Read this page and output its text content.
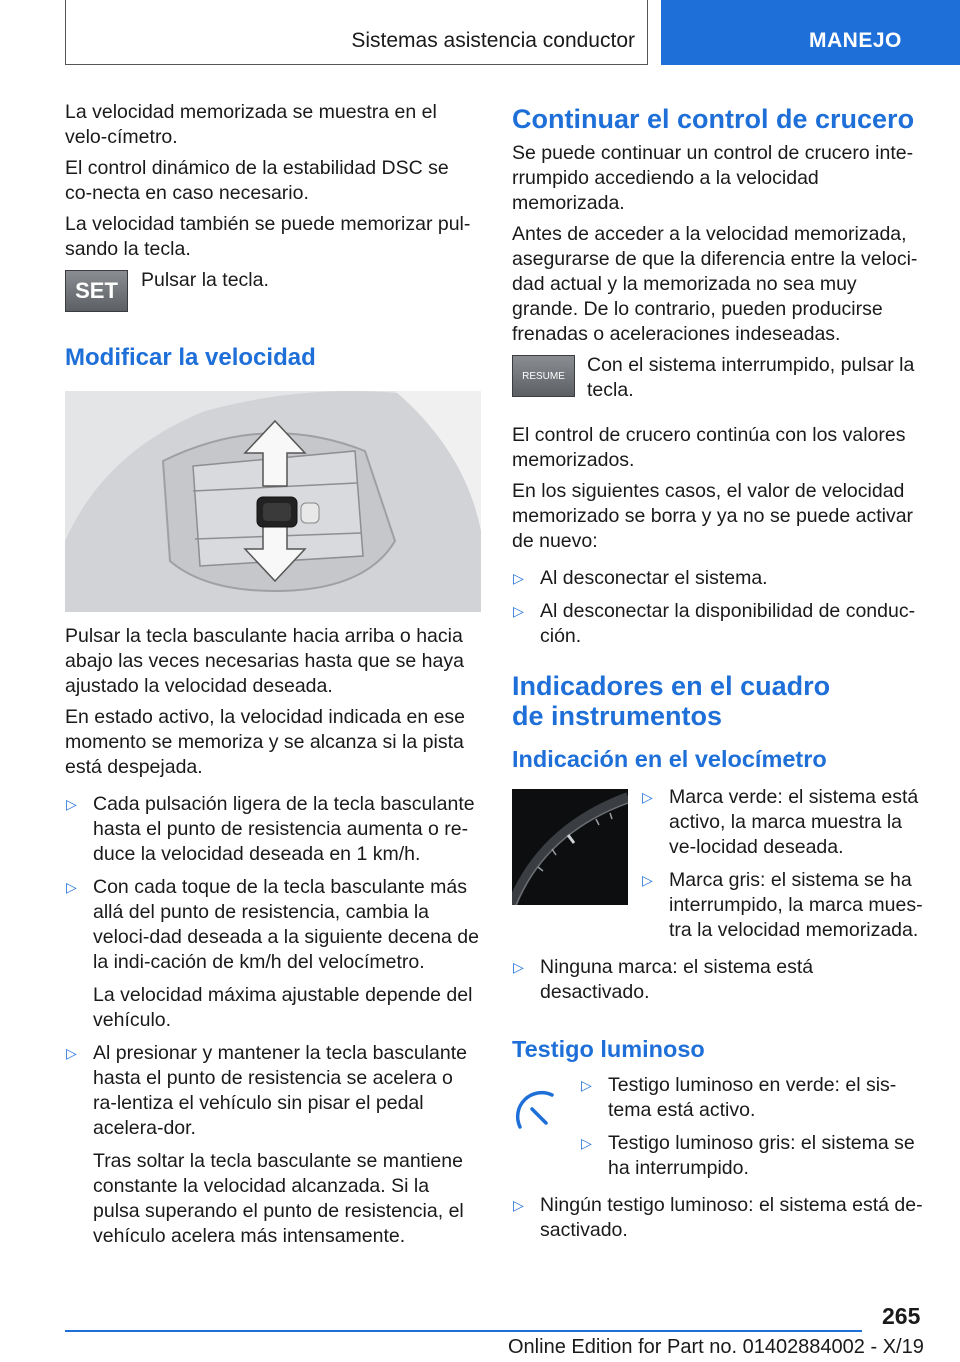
Sistemas asistencia conductor	MANEJO

La velocidad memorizada se muestra en el velo-címetro.

El control dinámico de la estabilidad DSC se co-necta en caso necesario.

La velocidad también se puede memorizar pul-sando la tecla.

SET Pulsar la tecla.

Modificar la velocidad

Pulsar la tecla basculante hacia arriba o hacia abajo las veces necesarias hasta que se haya ajustado la velocidad deseada.

En estado activo, la velocidad indicada en ese momento se memoriza y se alcanza si la pista está despejada.

▷ Cada pulsación ligera de la tecla basculante hasta el punto de resistencia aumenta o re-duce la velocidad deseada en 1 km/h.
▷ Con cada toque de la tecla basculante más allá del punto de resistencia, cambia la veloci-dad deseada a la siguiente decena de la indi-cación de km/h del velocímetro.
La velocidad máxima ajustable depende del vehículo.
▷ Al presionar y mantener la tecla basculante hasta el punto de resistencia se acelera o ra-lentiza el vehículo sin pisar el pedal acelera-dor.
Tras soltar la tecla basculante se mantiene constante la velocidad alcanzada. Si la pulsa superando el punto de resistencia, el vehículo acelera más intensamente.
Continuar el control de crucero

Se puede continuar un control de crucero inte-rrumpido accediendo a la velocidad memorizada.

Antes de acceder a la velocidad memorizada, asegurarse de que la diferencia entre la veloci-dad actual y la memorizada no sea muy grande. De lo contrario, pueden producirse frenadas o aceleraciones indeseadas.

RESUME Con el sistema interrumpido, pulsar la tecla.

El control de crucero continúa con los valores memorizados.

En los siguientes casos, el valor de velocidad memorizado se borra y ya no se puede activar de nuevo:

▷ Al desconectar el sistema.
▷ Al desconectar la disponibilidad de conduc-ción.
Indicadores en el cuadro de instrumentos
Indicación en el velocímetro
▷ Marca verde: el sistema está activo, la marca muestra la ve-locidad deseada.
▷ Marca gris: el sistema se ha interrumpido, la marca mues-tra la velocidad memorizada.
▷ Ninguna marca: el sistema está desactivado.
Testigo luminoso
▷ Testigo luminoso en verde: el sis-tema está activo.
▷ Testigo luminoso gris: el sistema se ha interrumpido.
▷ Ningún testigo luminoso: el sistema está de-sactivado.
265
Online Edition for Part no. 01402884002 - X/19
